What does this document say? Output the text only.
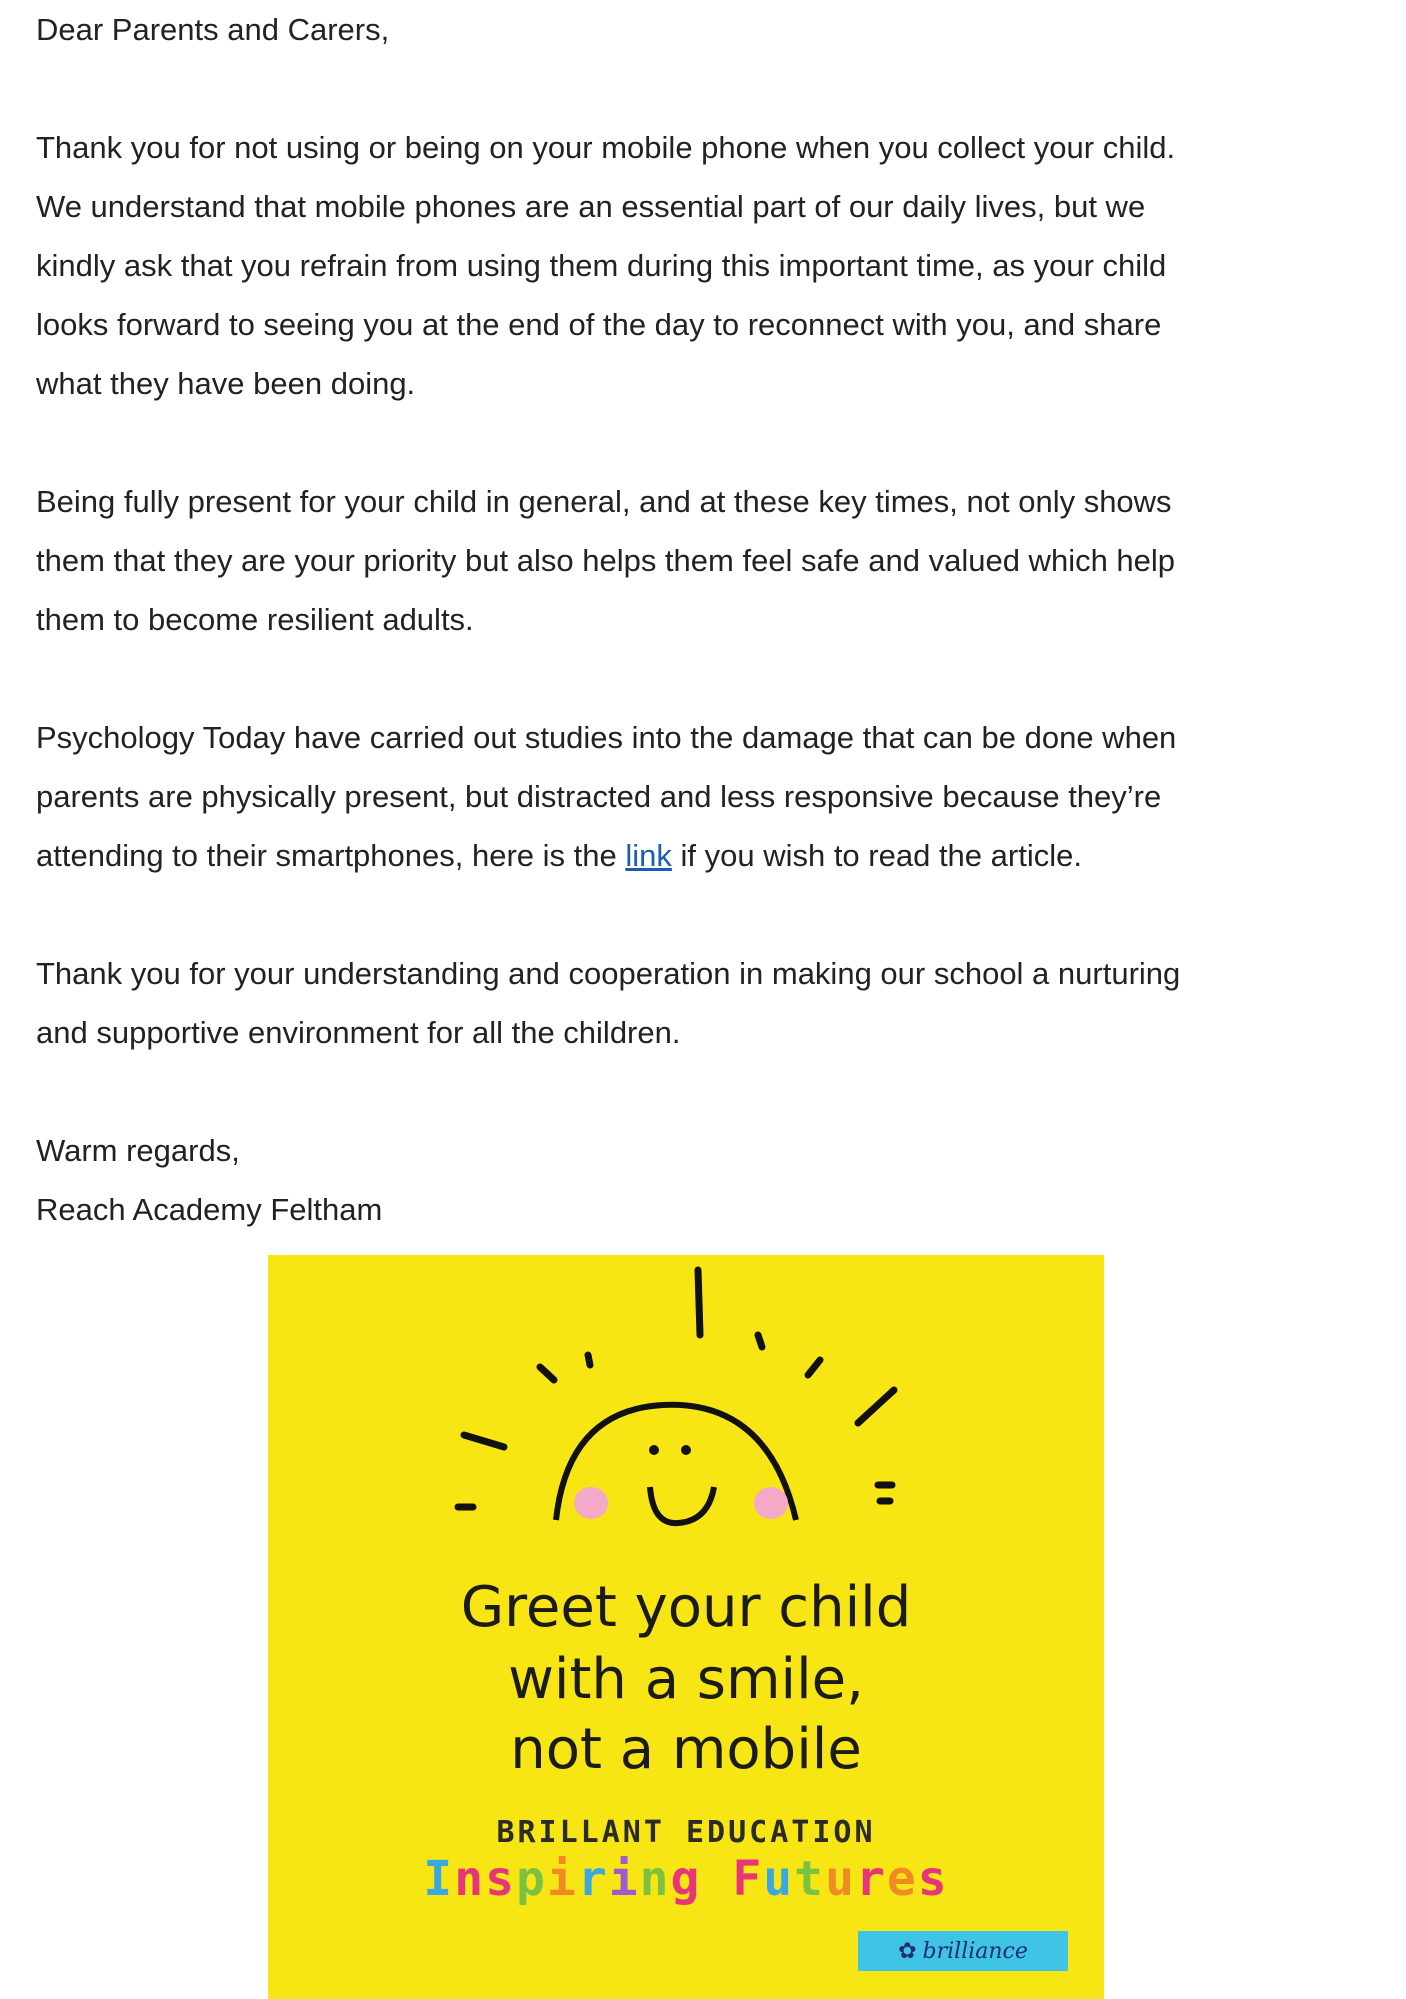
Dear Parents and Carers,

Thank you for not using or being on your mobile phone when you collect your child.
We understand that mobile phones are an essential part of our daily lives, but we
kindly ask that you refrain from using them during this important time, as your child
looks forward to seeing you at the end of the day to reconnect with you, and share
what they have been doing.

Being fully present for your child in general, and at these key times, not only shows
them that they are your priority but also helps them feel safe and valued which help
them to become resilient adults.

Psychology Today have carried out studies into the damage that can be done when
parents are physically present, but distracted and less responsive because they’re
attending to their smartphones, here is the link if you wish to read the article.

Thank you for your understanding and cooperation in making our school a nurturing
and supportive environment for all the children.

Warm regards,

Reach Academy Feltham

Greet your child
with a smile,
not a mobile
BRILLANT EDUCATION
Inspiring Futures
✿ brilliance
